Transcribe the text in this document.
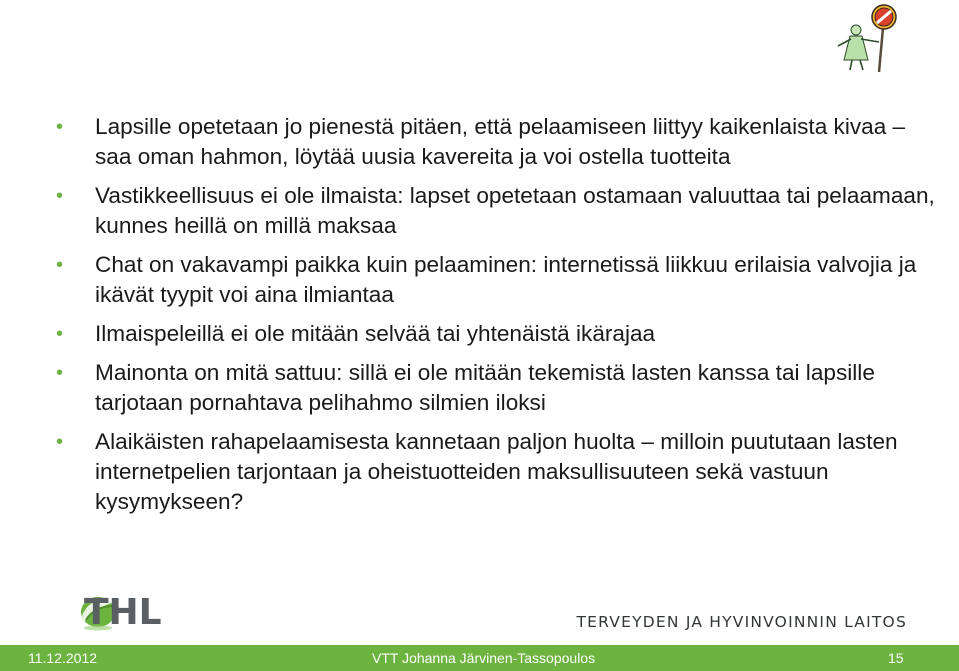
• Lapsille opetetaan jo pienestä pitäen, että pelaamiseen liittyy kaikenlaista kivaa – saa oman hahmon, löytää uusia kavereita ja voi ostella tuotteita
• Vastikkeellisuus ei ole ilmaista: lapset opetetaan ostamaan valuuttaa tai pelaamaan, kunnes heillä on millä maksaa
• Chat on vakavampi paikka kuin pelaaminen: internetissä liikkuu erilaisia valvojia ja ikävät tyypit voi aina ilmiantaa
• Ilmaispeleillä ei ole mitään selvää tai yhtenäistä ikärajaa
• Mainonta on mitä sattuu: sillä ei ole mitään tekemistä lasten kanssa tai lapsille tarjotaan pornahtava pelihahmo silmien iloksi
• Alaikäisten rahapelaamisesta kannetaan paljon huolta – milloin puututaan lasten internetpelien tarjontaan ja oheistuotteiden maksullisuuteen sekä vastuun kysymykseen?
THL	TERVEYDEN JA HYVINVOINNIN LAITOS
11.12.2012	VTT Johanna Järvinen-Tassopoulos	15
